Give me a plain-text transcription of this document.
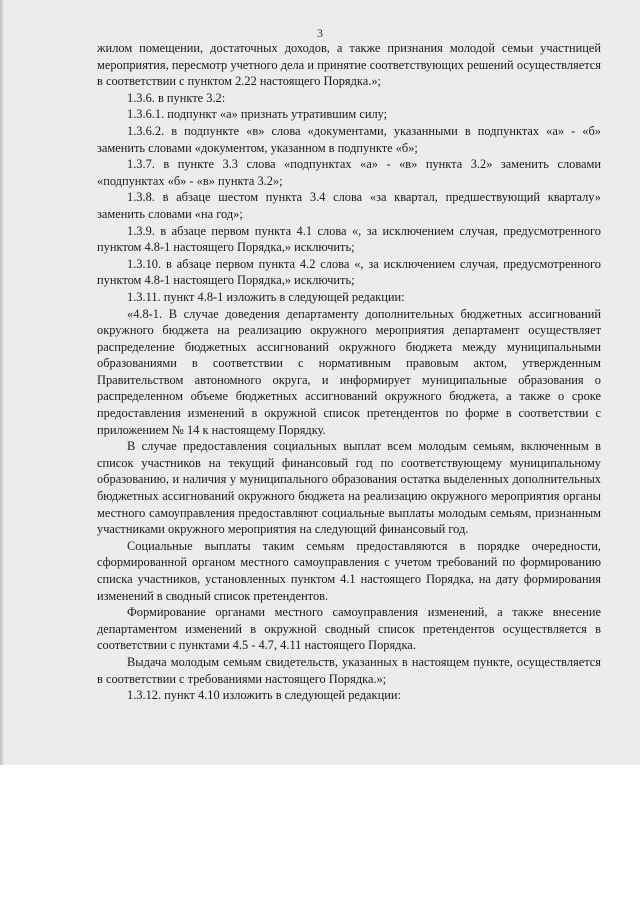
3

жилом помещении, достаточных доходов, а также признания молодой семьи участницей мероприятия, пересмотр учетного дела и принятие соответствующих решений осуществляется в соответствии с пунктом 2.22 настоящего Порядка.»;

1.3.6. в пункте 3.2:

1.3.6.1. подпункт «а» признать утратившим силу;

1.3.6.2. в подпункте «в» слова «документами, указанными в подпунктах «а» - «б» заменить словами «документом, указанном в подпункте «б»;

1.3.7. в пункте 3.3 слова «подпунктах «а» - «в» пункта 3.2» заменить словами «подпунктах «б» - «в» пункта 3.2»;

1.3.8. в абзаце шестом пункта 3.4 слова «за квартал, предшествующий кварталу» заменить словами «на год»;

1.3.9. в абзаце первом пункта 4.1 слова «, за исключением случая, предусмотренного пунктом 4.8-1 настоящего Порядка,» исключить;

1.3.10. в абзаце первом пункта 4.2 слова «, за исключением случая, предусмотренного пунктом 4.8-1 настоящего Порядка,» исключить;

1.3.11. пункт 4.8-1 изложить в следующей редакции:

«4.8-1. В случае доведения департаменту дополнительных бюджетных ассигнований окружного бюджета на реализацию окружного мероприятия департамент осуществляет распределение бюджетных ассигнований окружного бюджета между муниципальными образованиями в соответствии с нормативным правовым актом, утвержденным Правительством автономного округа, и информирует муниципальные образования о распределенном объеме бюджетных ассигнований окружного бюджета, а также о сроке предоставления изменений в окружной список претендентов по форме в соответствии с приложением № 14 к настоящему Порядку.

В случае предоставления социальных выплат всем молодым семьям, включенным в список участников на текущий финансовый год по соответствующему муниципальному образованию, и наличия у муниципального образования остатка выделенных дополнительных бюджетных ассигнований окружного бюджета на реализацию окружного мероприятия органы местного самоуправления предоставляют социальные выплаты молодым семьям, признанным участниками окружного мероприятия на следующий финансовый год.

Социальные выплаты таким семьям предоставляются в порядке очередности, сформированной органом местного самоуправления с учетом требований по формированию списка участников, установленных пунктом 4.1 настоящего Порядка, на дату формирования изменений в сводный список претендентов.

Формирование органами местного самоуправления изменений, а также внесение департаментом изменений в окружной сводный список претендентов осуществляется в соответствии с пунктами 4.5 - 4.7, 4.11 настоящего Порядка.

Выдача молодым семьям свидетельств, указанных в настоящем пункте, осуществляется в соответствии с требованиями настоящего Порядка.»;

1.3.12. пункт 4.10 изложить в следующей редакции:
